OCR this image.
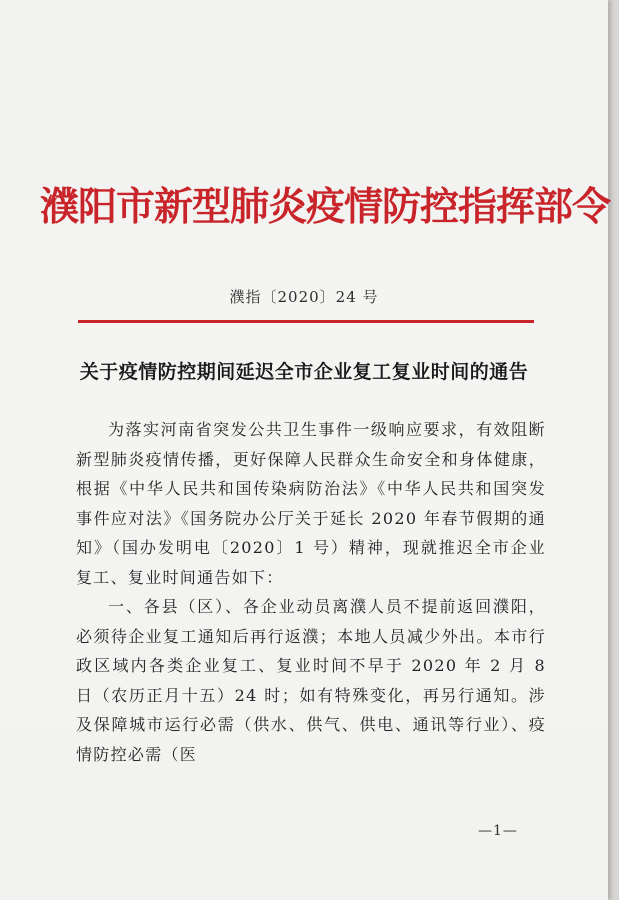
濮阳市新型肺炎疫情防控指挥部令
濮指〔2020〕24 号
关于疫情防控期间延迟全市企业复工复业时间的通告

为落实河南省突发公共卫生事件一级响应要求，有效阻断新型肺炎疫情传播，更好保障人民群众生命安全和身体健康，根据《中华人民共和国传染病防治法》《中华人民共和国突发事件应对法》《国务院办公厅关于延长 2020 年春节假期的通知》（国办发明电〔2020〕1 号）精神，现就推迟全市企业复工、复业时间通告如下：

一、各县（区）、各企业动员离濮人员不提前返回濮阳，必须待企业复工通知后再行返濮；本地人员减少外出。本市行政区域内各类企业复工、复业时间不早于 2020 年 2 月 8 日（农历正月十五）24 时；如有特殊变化，再另行通知。涉及保障城市运行必需（供水、供气、供电、通讯等行业）、疫情防控必需（医

—1—
